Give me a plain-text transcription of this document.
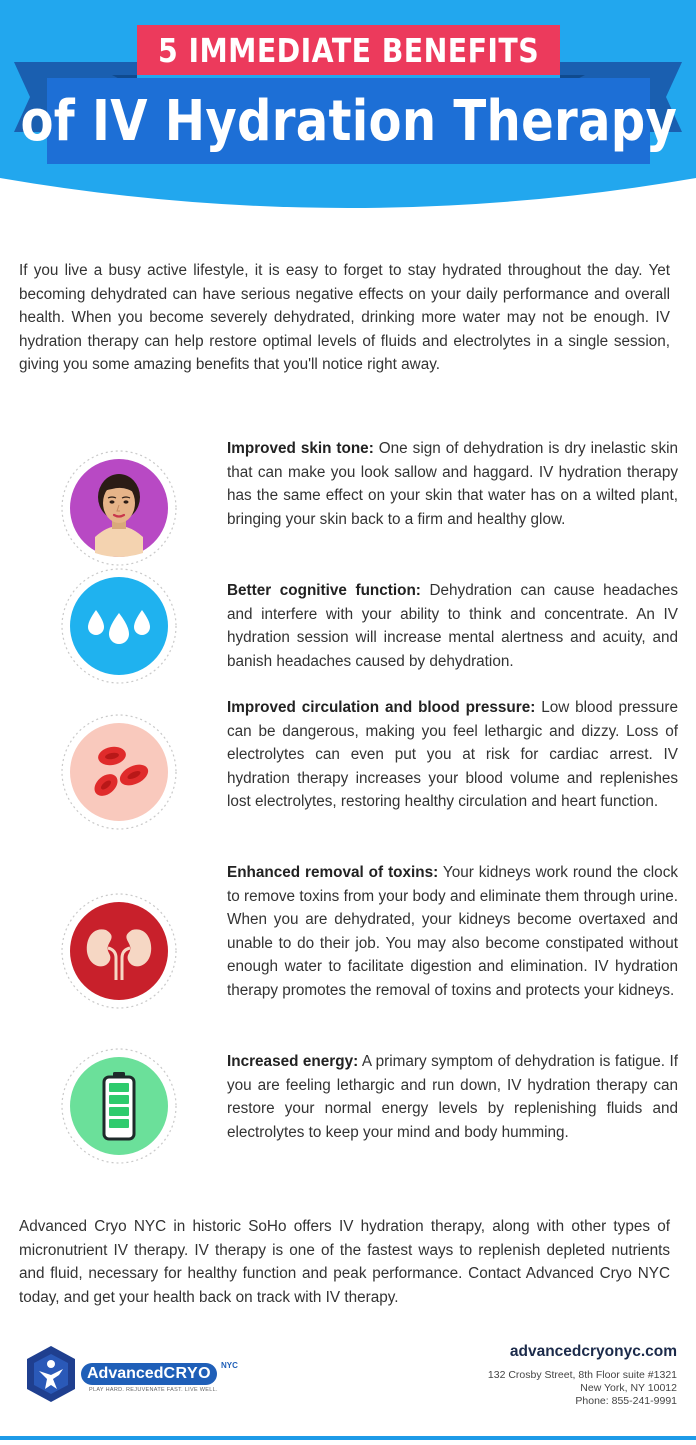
5 IMMEDIATE BENEFITS
of IV Hydration Therapy

If you live a busy active lifestyle, it is easy to forget to stay hydrated throughout the day. Yet becoming dehydrated can have serious negative effects on your daily performance and overall health. When you become severely dehydrated, drinking more water may not be enough. IV hydration therapy can help restore optimal levels of fluids and electrolytes in a single session, giving you some amazing benefits that you'll notice right away.

Improved skin tone: One sign of dehydration is dry inelastic skin that can make you look sallow and haggard. IV hydration therapy has the same effect on your skin that water has on a wilted plant, bringing your skin back to a firm and healthy glow.

Better cognitive function: Dehydration can cause headaches and interfere with your ability to think and concentrate. An IV hydration session will increase mental alertness and acuity, and banish headaches caused by dehydration.

Improved circulation and blood pressure: Low blood pressure can be dangerous, making you feel lethargic and dizzy. Loss of electrolytes can even put you at risk for cardiac arrest. IV hydration therapy increases your blood volume and replenishes lost electrolytes, restoring healthy circulation and heart function.

Enhanced removal of toxins: Your kidneys work round the clock to remove toxins from your body and eliminate them through urine. When you are dehydrated, your kidneys become overtaxed and unable to do their job. You may also become constipated without enough water to facilitate digestion and elimination. IV hydration therapy promotes the removal of toxins and protects your kidneys.

Increased energy: A primary symptom of dehydration is fatigue. If you are feeling lethargic and run down, IV hydration therapy can restore your normal energy levels by replenishing fluids and electrolytes to keep your mind and body humming.

Advanced Cryo NYC in historic SoHo offers IV hydration therapy, along with other types of micronutrient IV therapy. IV therapy is one of the fastest ways to replenish depleted nutrients and fluid, necessary for healthy function and peak performance. Contact Advanced Cryo NYC today, and get your health back on track with IV therapy.

Advanced CRYO NYC
PLAY HARD. REJUVENATE FAST. LIVE WELL.
advancedcryonyc.com
132 Crosby Street, 8th Floor suite #1321
New York, NY 10012
Phone: 855-241-9991
